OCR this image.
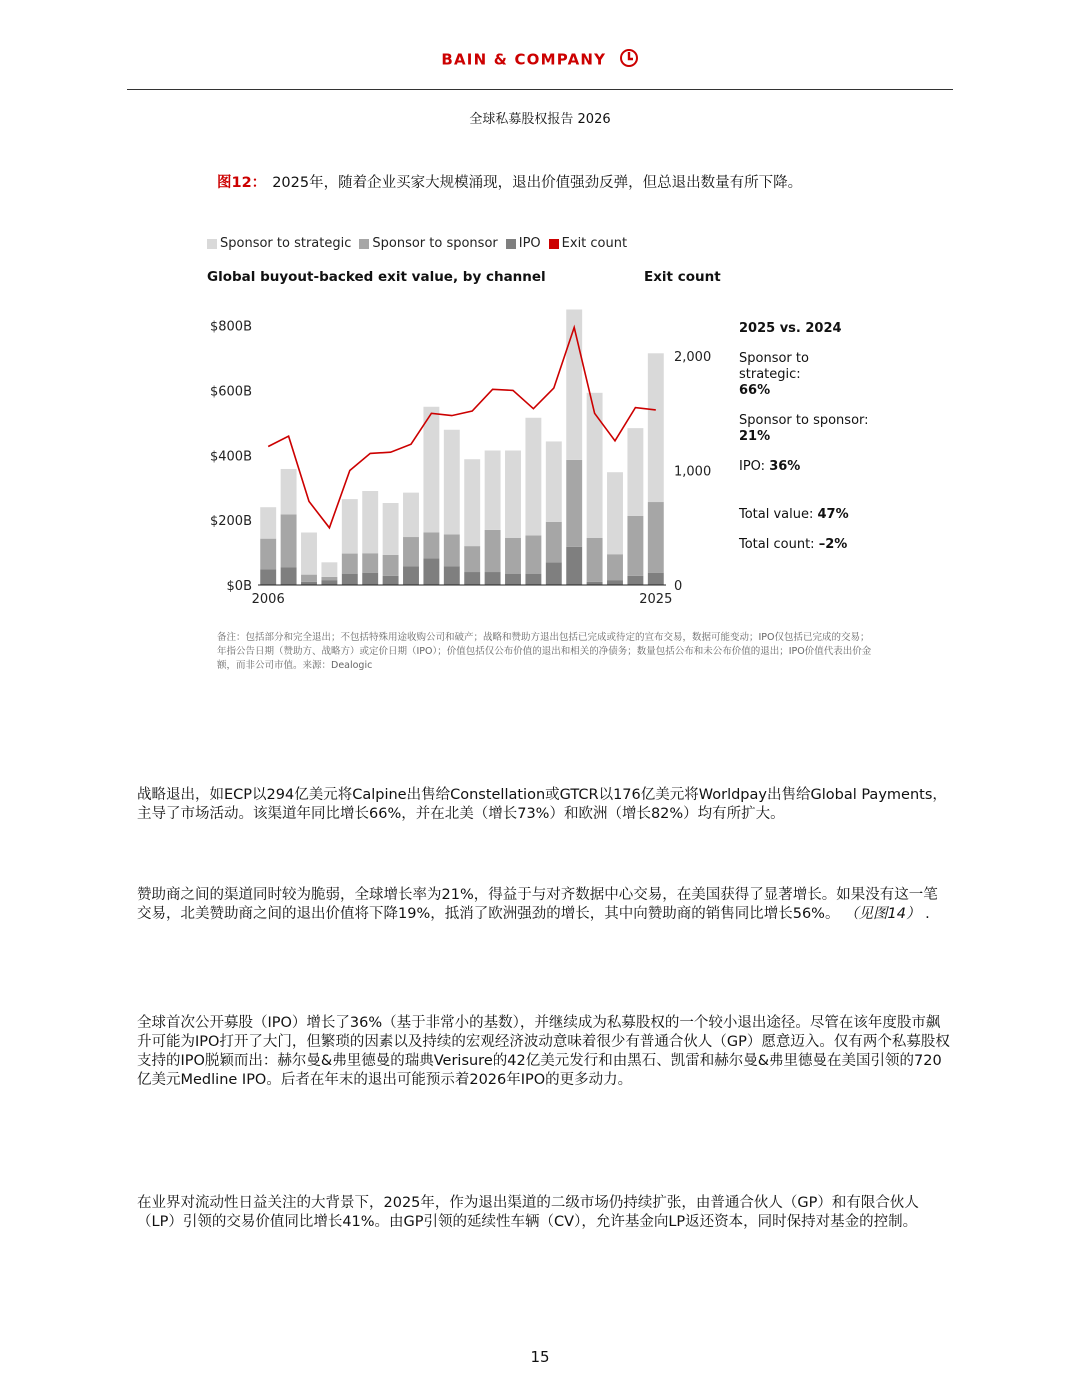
BAIN & COMPANY
全球私募股权报告 2026
图12： 2025年，随着企业买家大规模涌现，退出价值强劲反弹，但总退出数量有所下降。
Sponsor to strategic Sponsor to sponsor IPO Exit count
Global buyout-backed exit value, by channel	Exit count
$0B
$200B
$400B
$600B
$800B
0
1,000
2,000
2006	2025
2025 vs. 2024
Sponsor to strategic: 66%
Sponsor to sponsor: 21%
IPO: 36%
Total value: 47%
Total count: –2%
备注：包括部分和完全退出；不包括特殊用途收购公司和破产；战略和赞助方退出包括已完成或待定的宣布交易，数据可能变动；IPO仅包括已完成的交易；年指公告日期（赞助方、战略方）或定价日期（IPO）；价值包括仅公布价值的退出和相关的净债务；数量包括公布和未公布价值的退出；IPO价值代表出价金额，而非公司市值。来源：Dealogic
战略退出，如ECP以294亿美元将Calpine出售给Constellation或GTCR以176亿美元将Worldpay出售给Global Payments，主导了市场活动。该渠道年同比增长66%，并在北美（增长73%）和欧洲（增长82%）均有所扩大。
赞助商之间的渠道同时较为脆弱，全球增长率为21%，得益于与对齐数据中心交易，在美国获得了显著增长。如果没有这一笔交易，北美赞助商之间的退出价值将下降19%，抵消了欧洲强劲的增长，其中向赞助商的销售同比增长56%。 （见图14） .
全球首次公开募股（IPO）增长了36%（基于非常小的基数），并继续成为私募股权的一个较小退出途径。尽管在该年度股市飙升可能为IPO打开了大门，但繁琐的因素以及持续的宏观经济波动意味着很少有普通合伙人（GP）愿意迈入。仅有两个私募股权支持的IPO脱颖而出：赫尔曼&弗里德曼的瑞典Verisure的42亿美元发行和由黑石、凯雷和赫尔曼&弗里德曼在美国引领的720亿美元Medline IPO。后者在年末的退出可能预示着2026年IPO的更多动力。
在业界对流动性日益关注的大背景下，2025年，作为退出渠道的二级市场仍持续扩张，由普通合伙人（GP）和有限合伙人（LP）引领的交易价值同比增长41%。由GP引领的延续性车辆（CV），允许基金向LP返还资本，同时保持对基金的控制。
15
